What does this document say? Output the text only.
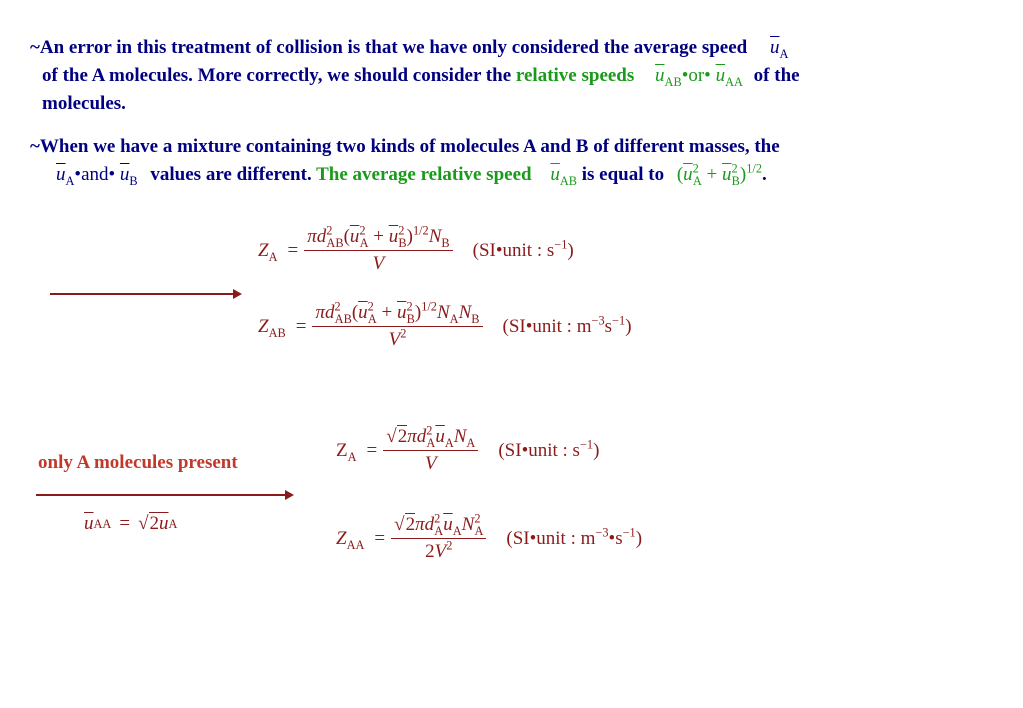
~An error in this treatment of collision is that we have only considered the average speed $\overline{u}_A$
of the A molecules. More correctly, we should consider the relative speeds $\overline{u}_{AB}•or•$ $\overline{u}_{AA}$ of the
molecules.
~When we have a mixture containing two kinds of molecules A and B of different masses, the
$\overline{u}_A•and•$ $\overline{u}_B$ values are different. The average relative speed $\overline{u}_{AB}$ is equal to $(\overline{u}^2_A + \overline{u}^2_B)^{1/2}$.
$Z_A = \frac{\pi d^2_{AB}(\overline{u}^2_A + \overline{u}^2_B)^{1/2}N_B}{V}$ (SI•unit : $s^{-1}$)
$Z_{AB} = \frac{\pi d^2_{AB}(\overline{u}^2_A + \overline{u}^2_B)^{1/2}N_AN_B}{V^2}$ (SI•unit : $m^{-3}s^{-1}$)
only A molecules present
$\overline{u}$ AA = √ 2 $\overline{u}$ A
$Z_A = \frac{√2\pi d^2_A\overline{u}_AN_A}{V}$ (SI•unit : $s^{-1}$)
$Z_{AA} = \frac{√2\pi d^2_A\overline{u}_AN^2_A}{2V^2}$ (SI•unit : $m^{-3}•s^{-1}$)
